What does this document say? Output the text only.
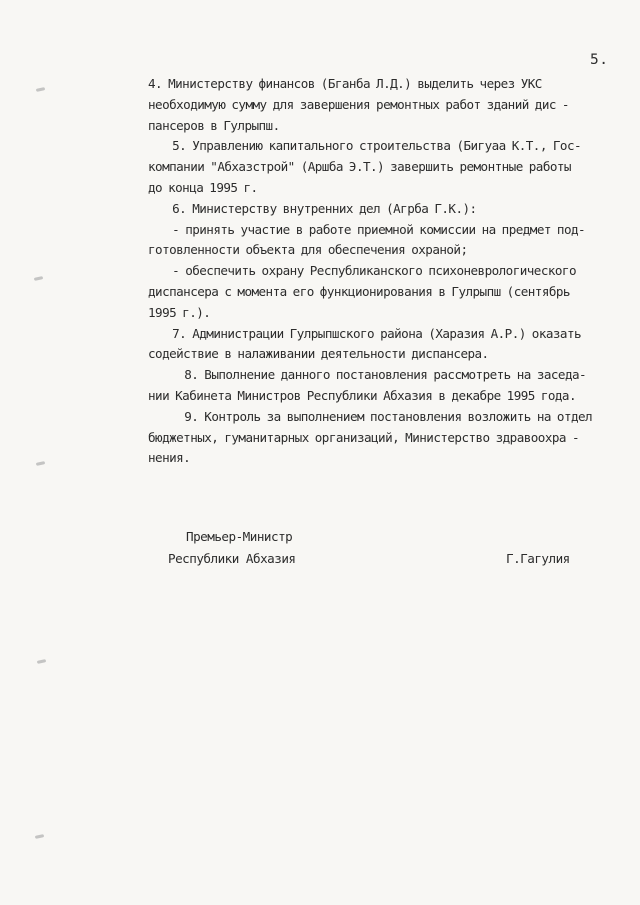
5.
4. Министерству финансов (Бганба Л.Д.) выделить через УКС
необходимую сумму для завершения ремонтных работ зданий дис -
пансеров в Гулрыпш.
5. Управлению капитального строительства (Бигуаа К.Т., Гос-
компании "Абхазстрой" (Аршба Э.Т.) завершить ремонтные работы
до конца 1995 г.
6. Министерству внутренних дел (Агрба Г.К.):
- принять участие в работе приемной комиссии на предмет под-
готовленности объекта для обеспечения охраной;
- обеспечить охрану Республиканского психоневрологического
диспансера с момента его функционирования в Гулрыпш (сентябрь
1995 г.).
7. Администрации Гулрыпшского района (Харазия А.Р.) оказать
содействие в налаживании деятельности диспансера.
8. Выполнение данного постановления рассмотреть на заседа-
нии Кабинета Министров Республики Абхазия в декабре 1995 года.
9. Контроль за выполнением постановления возложить на отдел
бюджетных, гуманитарных организаций, Министерство здравоохра -
нения.
Премьер-Министр
Республики Абхазия	Г.Гагулия
